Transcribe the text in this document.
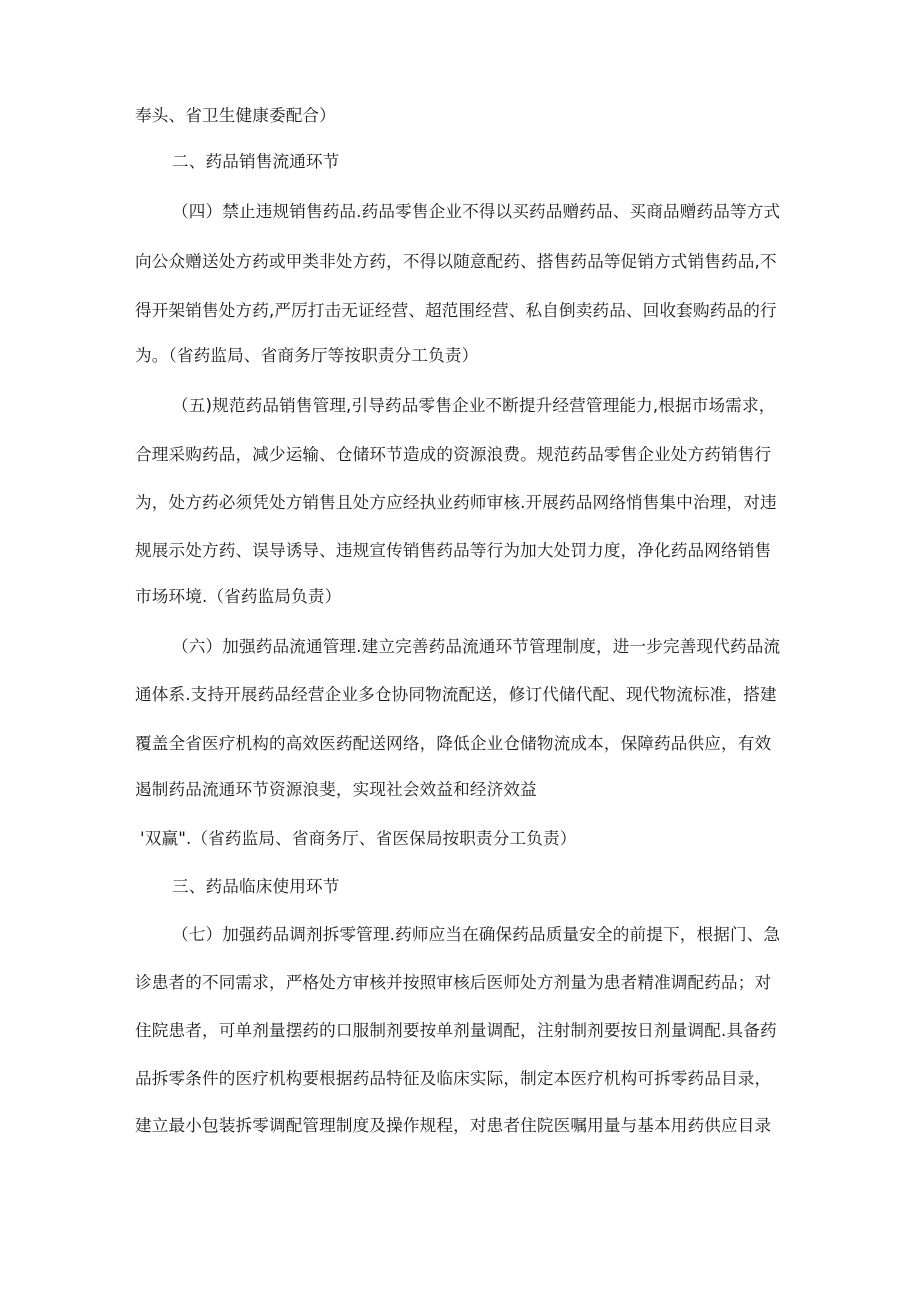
奉头、省卫生健康委配合）
二、药品销售流通环节
（四）禁止违规销售药品.药品零售企业不得以买药品赠药品、买商品赠药品等方式
向公众赠送处方药或甲类非处方药，不得以随意配药、搭售药品等促销方式销售药品,不
得开架销售处方药,严厉打击无证经营、超范围经营、私自倒卖药品、回收套购药品的行
为。（省药监局、省商务厅等按职责分工负责）
（五)规范药品销售管理,引导药品零售企业不断提升经营管理能力,根据市场需求，
合理采购药品，减少运输、仓储环节造成的资源浪费。规范药品零售企业处方药销售行
为，处方药必须凭处方销售且处方应经执业药师审核.开展药品网络悄售集中治理，对违
规展示处方药、误导诱导、违规宣传销售药品等行为加大处罚力度，净化药品网络销售
市场环境.（省药监局负责）
（六）加强药品流通管理.建立完善药品流通环节管理制度，进一步完善现代药品流
通体系.支持开展药品经营企业多仓协同物流配送，修订代储代配、现代物流标准，搭建
覆盖全省医疗机构的高效医药配送网络，降低企业仓储物流成本，保障药品供应，有效
遏制药品流通环节资源浪斐，实现社会效益和经济效益
'双赢".（省药监局、省商务厅、省医保局按职责分工负责）
三、药品临床使用环节
（七）加强药品调剂拆零管理.药师应当在确保药品质量安全的前提下，根据门、急
诊患者的不同需求，严格处方审核并按照审核后医师处方剂量为患者精准调配药品；对
住院患者，可单剂量摆药的口服制剂要按单剂量调配，注射制剂要按日剂量调配.具备药
品拆零条件的医疗机构要根据药品特征及临床实际，制定本医疗机构可拆零药品目录，
建立最小包装拆零调配管理制度及操作规程，对患者住院医嘱用量与基本用药供应目录
